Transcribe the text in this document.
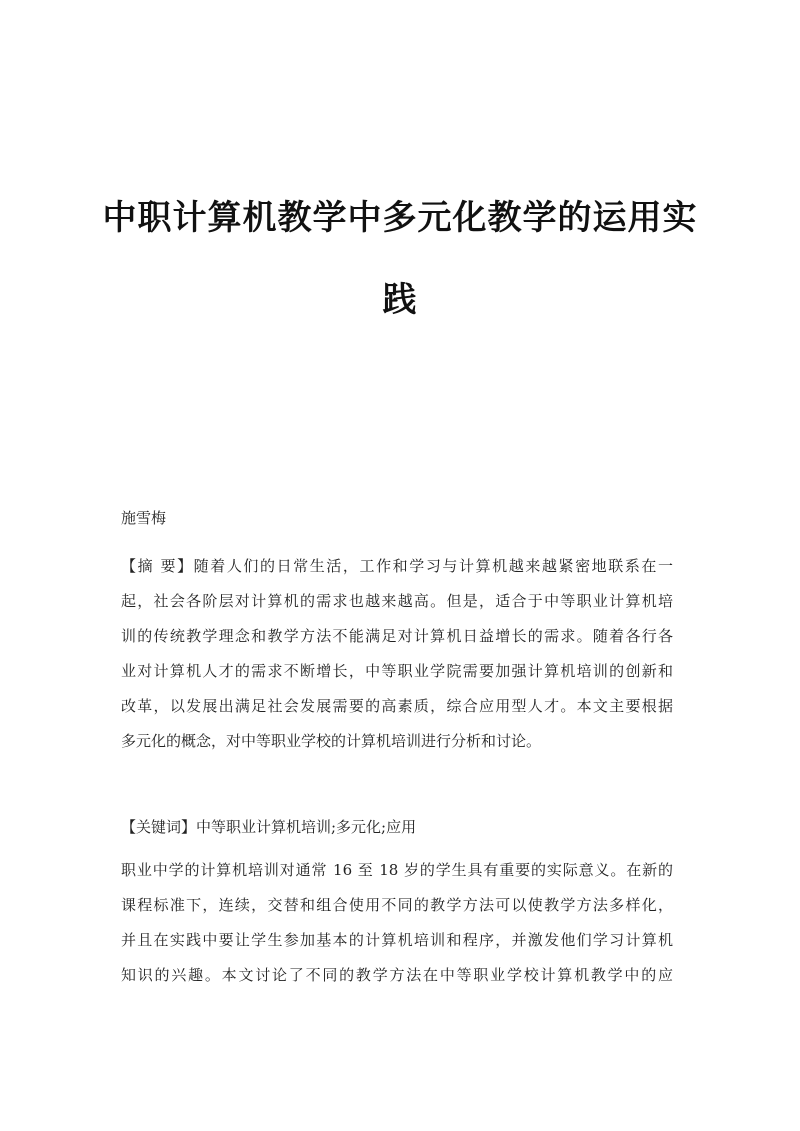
中职计算机教学中多元化教学的运用实
践
施雪梅

【摘 要】随着人们的日常生活，工作和学习与计算机越来越紧密地联系在一
起，社会各阶层对计算机的需求也越来越高。但是，适合于中等职业计算机培
训的传统教学理念和教学方法不能满足对计算机日益增长的需求。随着各行各
业对计算机人才的需求不断增长，中等职业学院需要加强计算机培训的创新和
改革，以发展出满足社会发展需要的高素质，综合应用型人才。本文主要根据
多元化的概念，对中等职业学校的计算机培训进行分析和讨论。

【关键词】中等职业计算机培训;多元化;应用

职业中学的计算机培训对通常 16 至 18 岁的学生具有重要的实际意义。在新的
课程标准下，连续，交替和组合使用不同的教学方法可以使教学方法多样化，
并且在实践中要让学生参加基本的计算机培训和程序，并激发他们学习计算机
知识的兴趣。本文讨论了不同的教学方法在中等职业学校计算机教学中的应
